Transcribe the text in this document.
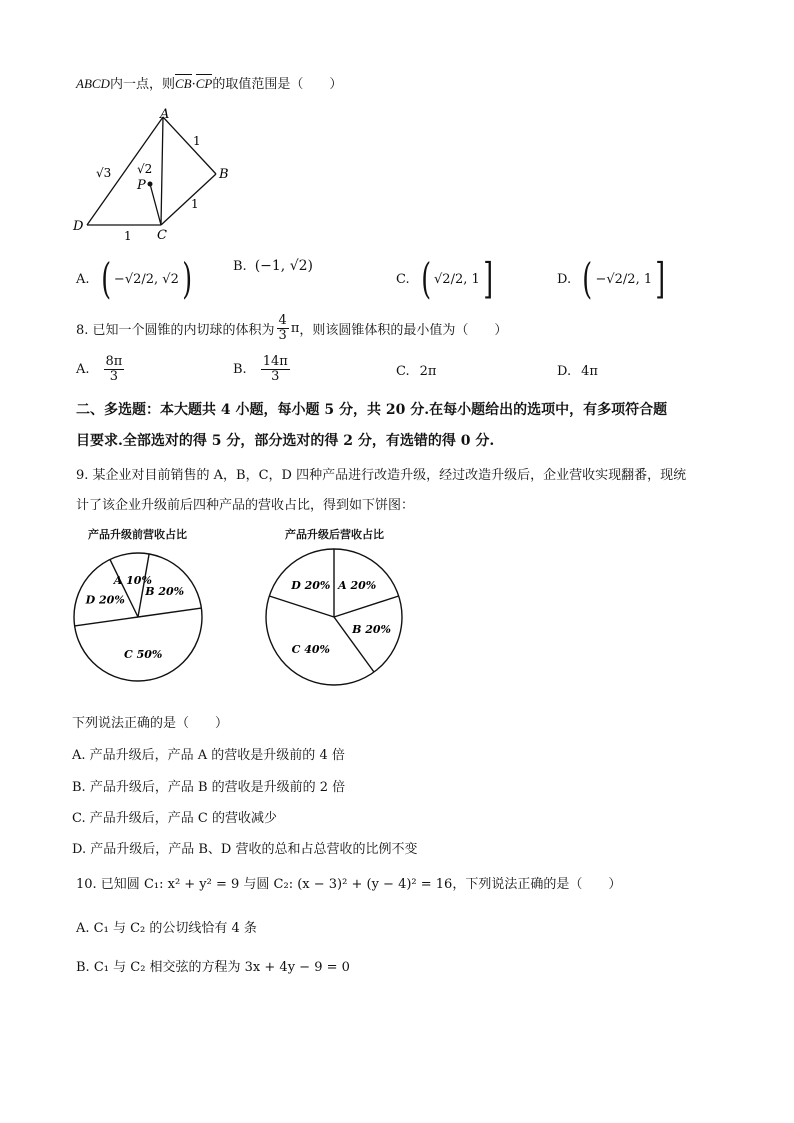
ABCD内一点，则
CB·
CP的取值范围是（　　）
A
B
C
D
P
1
1
1
√3 √2
A. ( −√2/2 , √2 )	B. (−1, √2)
C. ( √2/2 , 1 ]	D. ( −√2/2 , 1 ]
8. 已知一个圆锥的内切球的体积为 $\frac{4}{3}$ π ，则该圆锥体积的最小值为（　　）
A. $\frac{8\pi}{3}$	B. $\frac{14\pi}{3}$	C. 2π	D. 4π
二、多选题：本大题共 4 小题，每小题 5 分，共 20 分.在每小题给出的选项中，有多项符合题
目要求.全部选对的得 5 分，部分选对的得 2 分，有选错的得 0 分.
9. 某企业对目前销售的 A，B，C，D 四种产品进行改造升级，经过改造升级后，企业营收实现翻番，现统
计了该企业升级前后四种产品的营收占比，得到如下饼图：
产品升级前营收占比
A 10%
B 20%
C 50%
D 20%
产品升级后营收占比
A 20%
B 20%
C 40%
D 20%
下列说法正确的是（　　）
A. 产品升级后，产品 A 的营收是升级前的 4 倍
B. 产品升级后，产品 B 的营收是升级前的 2 倍
C. 产品升级后，产品 C 的营收减少
D. 产品升级后，产品 B、D 营收的总和占总营收的比例不变
10. 已知圆 C₁: x² + y² = 9 与圆 C₂: (x − 3)² + (y − 4)² = 16，下列说法正确的是（　　）
A. C₁ 与 C₂ 的公切线恰有 4 条
B. C₁ 与 C₂ 相交弦的方程为 3x + 4y − 9 = 0
